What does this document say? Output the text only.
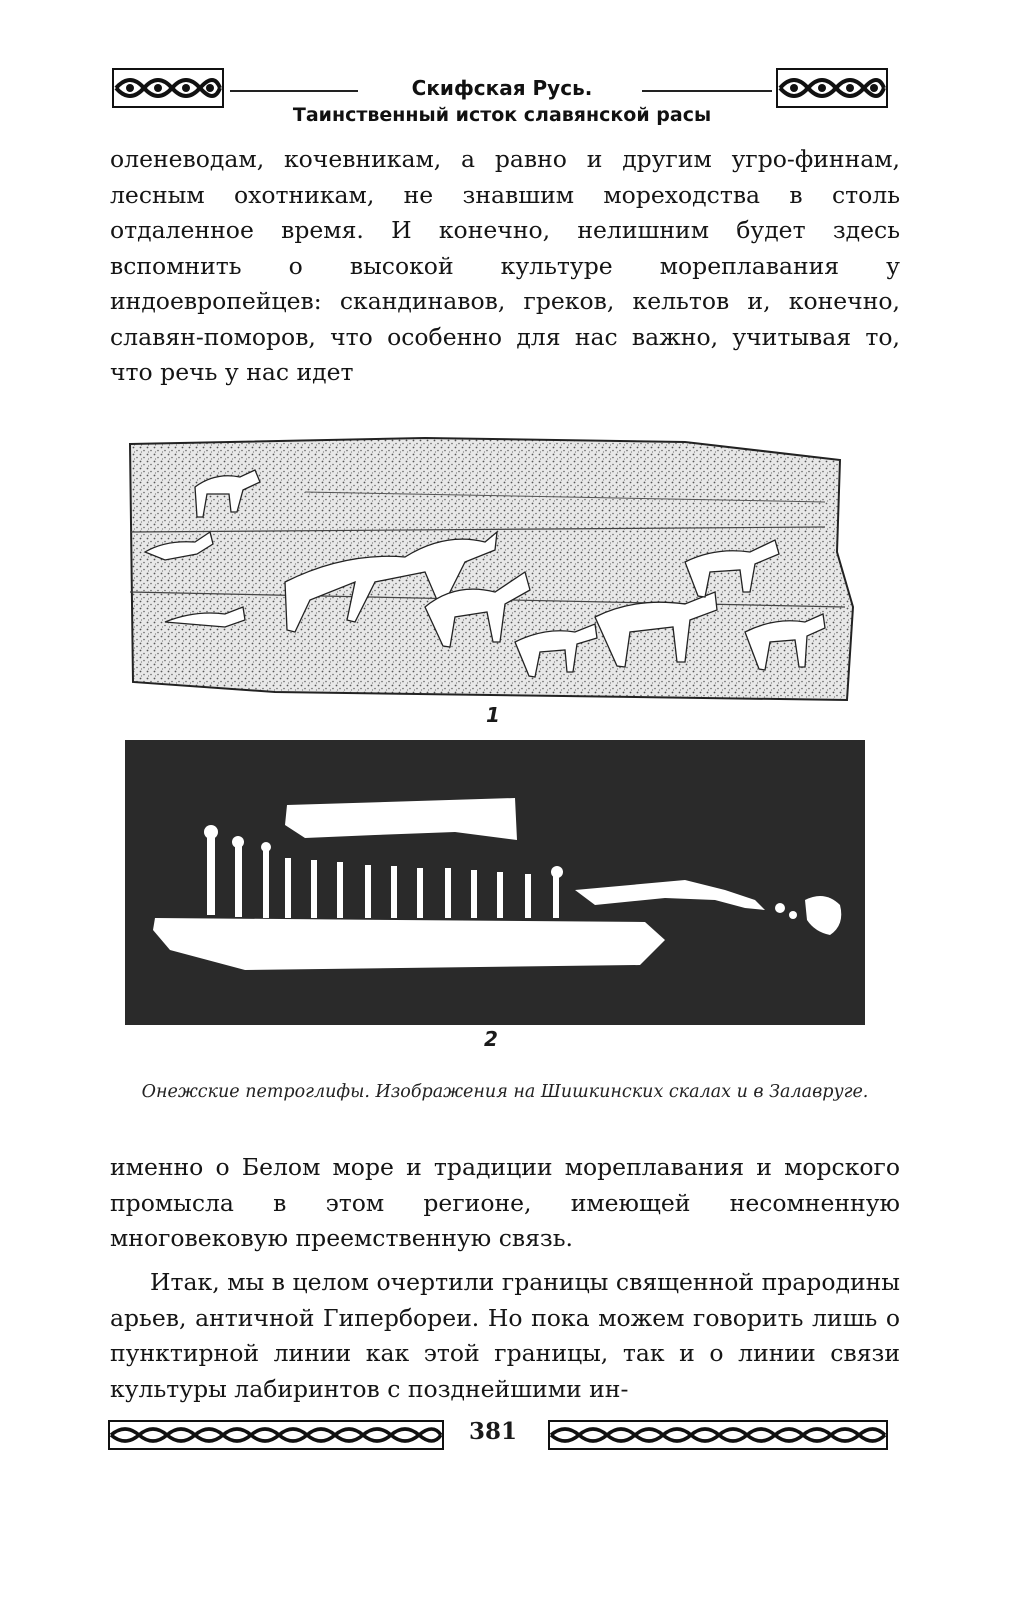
Скифская Русь.
Таинственный исток славянской расы

оленеводам, кочевникам, а равно и другим угро-финнам, лесным охотникам, не знавшим мореходства в столь отдаленное время. И конечно, нелишним будет здесь вспомнить о высокой культуре мореплавания у индоевропейцев: скандинавов, греков, кельтов и, конечно, славян-поморов, что особенно для нас важно, учитывая то, что речь у нас идет

1
2
Онежские петроглифы. Изображения на Шишкинских скалах и в Залавруге.

именно о Белом море и традиции мореплавания и морского промысла в этом регионе, имеющей несомненную многовековую преемственную связь.

Итак, мы в целом очертили границы священной прародины арьев, античной Гипербореи. Но пока можем говорить лишь о пунктирной линии как этой границы, так и о линии связи культуры лабиринтов с позднейшими ин-

381
